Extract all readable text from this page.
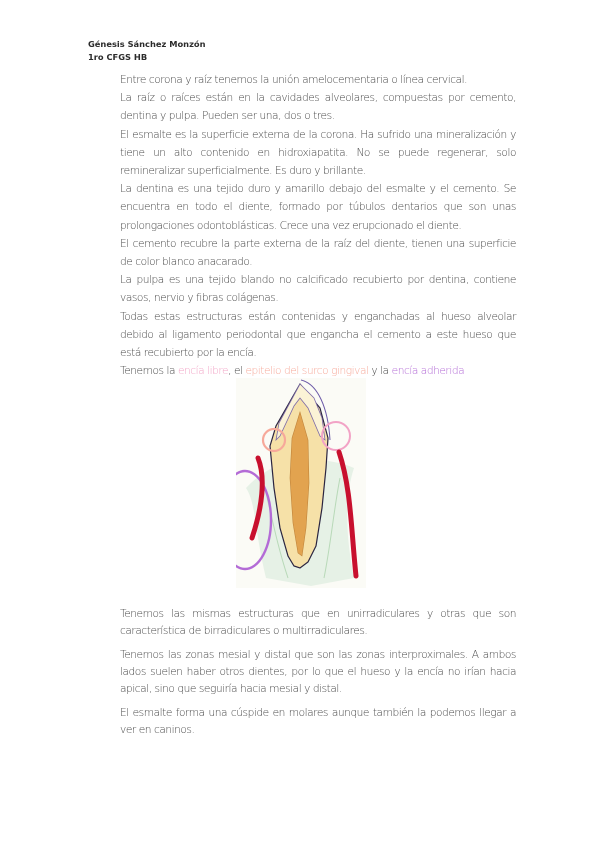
Génesis Sánchez Monzón
1ro CFGS HB

Entre corona y raíz tenemos la unión amelocementaria o línea cervical.

La raíz o raíces están en la cavidades alveolares, compuestas por cemento, dentina y pulpa. Pueden ser una, dos o tres.

El esmalte es la superficie externa de la corona. Ha sufrido una mineralización y tiene un alto contenido en hidroxiapatita. No se puede regenerar, solo remineralizar superficialmente. Es duro y brillante.

La dentina es una tejido duro y amarillo debajo del esmalte y el cemento. Se encuentra en todo el diente, formado por túbulos dentarios que son unas prolongaciones odontoblásticas. Crece una vez erupcionado el diente.

El cemento recubre la parte externa de la raíz del diente, tienen una superficie de color blanco anacarado.

La pulpa es una tejido blando no calcificado recubierto por dentina, contiene vasos, nervio y fibras colágenas.

Todas estas estructuras están contenidas y enganchadas al hueso alveolar debido al ligamento periodontal que engancha el cemento a este hueso que está recubierto por la encía.

Tenemos la encía libre, el epitelio del surco gingival y la encía adherida

Tenemos las mismas estructuras que en unirradiculares y otras que son característica de birradiculares o multirradiculares.

Tenemos las zonas mesial y distal que son las zonas interproximales. A ambos lados suelen haber otros dientes, por lo que el hueso y la encía no irían hacia apical, sino que seguiría hacia mesial y distal.

El esmalte forma una cúspide en molares aunque también la podemos llegar a ver en caninos.
